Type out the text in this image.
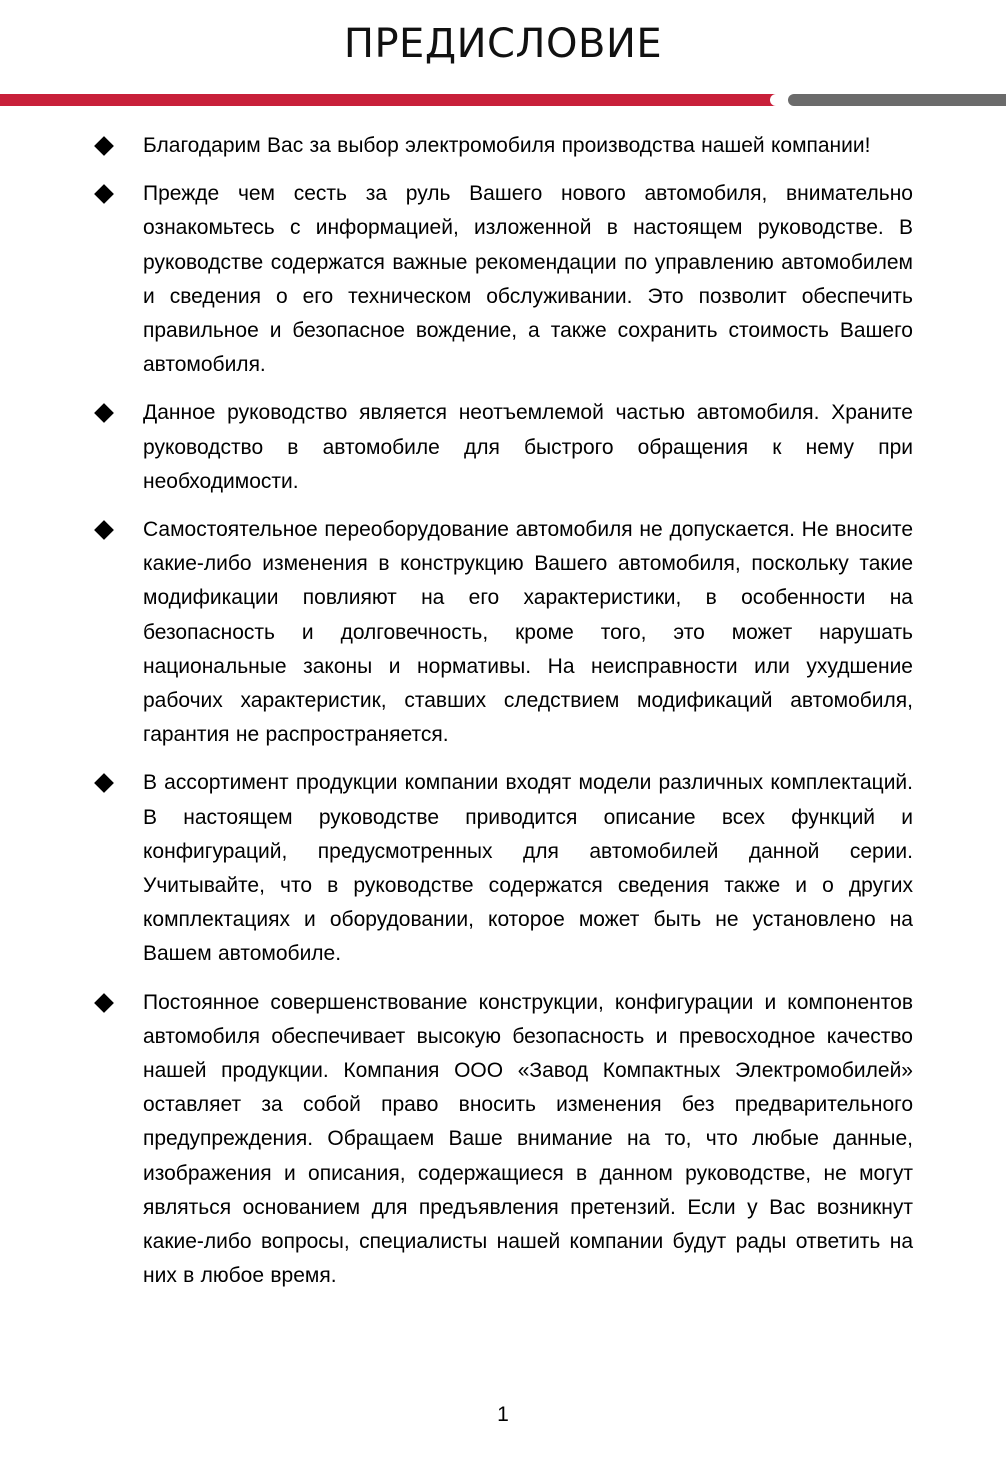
ПРЕДИСЛОВИЕ
Благодарим Вас за выбор электромобиля производства нашей компании!
Прежде чем сесть за руль Вашего нового автомобиля, внимательно ознакомьтесь с информацией, изложенной в настоящем руководстве. В руководстве содержатся важные рекомендации по управлению автомобилем и сведения о его техническом обслуживании. Это позволит обеспечить правильное и безопасное вождение, а также сохранить стоимость Вашего автомобиля.
Данное руководство является неотъемлемой частью автомобиля. Храните руководство в автомобиле для быстрого обращения к нему при необходимости.
Самостоятельное переоборудование автомобиля не допускается. Не вносите какие-либо изменения в конструкцию Вашего автомобиля, поскольку такие модификации повлияют на его характеристики, в особенности на безопасность и долговечность, кроме того, это может нарушать национальные законы и нормативы. На неисправности или ухудшение рабочих характеристик, ставших следствием модификаций автомобиля, гарантия не распространяется.
В ассортимент продукции компании входят модели различных комплектаций. В настоящем руководстве приводится описание всех функций и конфигураций, предусмотренных для автомобилей данной серии. Учитывайте, что в руководстве содержатся сведения также и о других комплектациях и оборудовании, которое может быть не установлено на Вашем автомобиле.
Постоянное совершенствование конструкции, конфигурации и компонентов автомобиля обеспечивает высокую безопасность и превосходное качество нашей продукции. Компания ООО «Завод Компактных Электромобилей» оставляет за собой право вносить изменения без предварительного предупреждения. Обращаем Ваше внимание на то, что любые данные, изображения и описания, содержащиеся в данном руководстве, не могут являться основанием для предъявления претензий. Если у Вас возникнут какие-либо вопросы, специалисты нашей компании будут рады ответить на них в любое время.
1
